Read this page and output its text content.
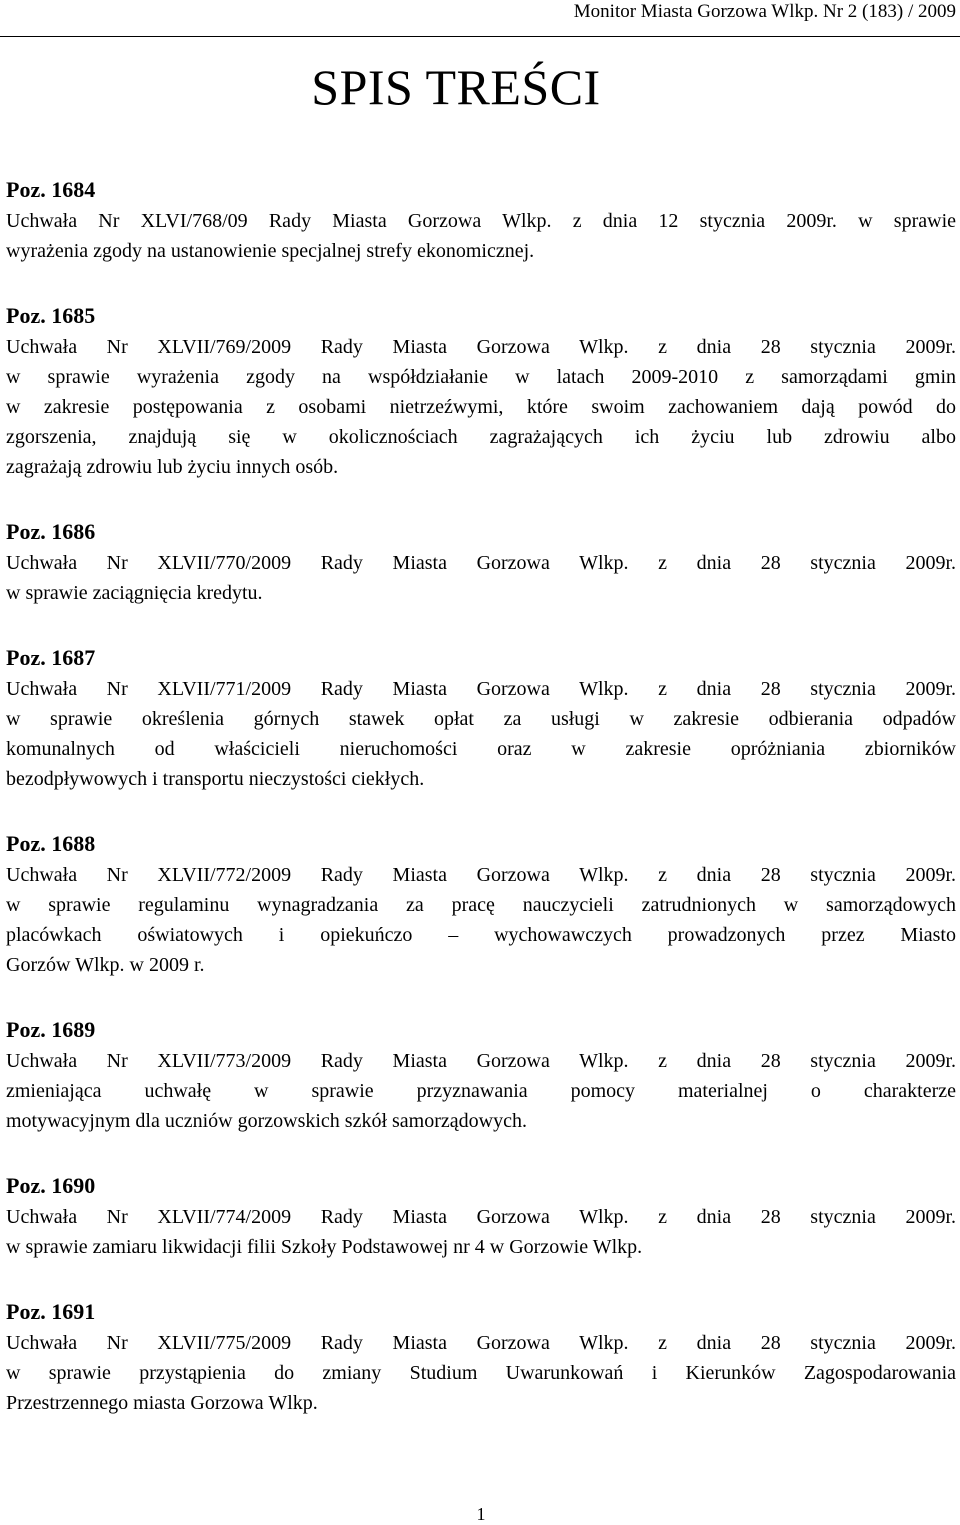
Monitor Miasta Gorzowa Wlkp. Nr 2 (183) / 2009
SPIS TREŚCI
Poz. 1684
Uchwała Nr XLVI/768/09 Rady Miasta Gorzowa Wlkp. z dnia 12 stycznia 2009r. w sprawie
wyrażenia zgody na ustanowienie specjalnej strefy ekonomicznej.
Poz. 1685
Uchwała Nr XLVII/769/2009 Rady Miasta Gorzowa Wlkp. z dnia 28 stycznia 2009r.
w sprawie wyrażenia zgody na współdziałanie w latach 2009-2010 z samorządami gmin
w zakresie postępowania z osobami nietrzeźwymi, które swoim zachowaniem dają powód do
zgorszenia, znajdują się w okolicznościach zagrażających ich życiu lub zdrowiu albo
zagrażają zdrowiu lub życiu innych osób.
Poz. 1686
Uchwała Nr XLVII/770/2009 Rady Miasta Gorzowa Wlkp. z dnia 28 stycznia 2009r.
w sprawie zaciągnięcia kredytu.
Poz. 1687
Uchwała Nr XLVII/771/2009 Rady Miasta Gorzowa Wlkp. z dnia 28 stycznia 2009r.
w sprawie określenia górnych stawek opłat za usługi w zakresie odbierania odpadów
komunalnych od właścicieli nieruchomości oraz w zakresie opróżniania zbiorników
bezodpływowych i transportu nieczystości ciekłych.
Poz. 1688
Uchwała Nr XLVII/772/2009 Rady Miasta Gorzowa Wlkp. z dnia 28 stycznia 2009r.
w sprawie regulaminu wynagradzania za pracę nauczycieli zatrudnionych w samorządowych
placówkach oświatowych i opiekuńczo – wychowawczych prowadzonych przez Miasto
Gorzów Wlkp. w 2009 r.
Poz. 1689
Uchwała Nr XLVII/773/2009 Rady Miasta Gorzowa Wlkp. z dnia 28 stycznia 2009r.
zmieniająca uchwałę w sprawie przyznawania pomocy materialnej o charakterze
motywacyjnym dla uczniów gorzowskich szkół samorządowych.
Poz. 1690
Uchwała Nr XLVII/774/2009 Rady Miasta Gorzowa Wlkp. z dnia 28 stycznia 2009r.
w sprawie zamiaru likwidacji filii Szkoły Podstawowej nr 4 w Gorzowie Wlkp.
Poz. 1691
Uchwała Nr XLVII/775/2009 Rady Miasta Gorzowa Wlkp. z dnia 28 stycznia 2009r.
w sprawie przystąpienia do zmiany Studium Uwarunkowań i Kierunków Zagospodarowania
Przestrzennego miasta Gorzowa Wlkp.
1
